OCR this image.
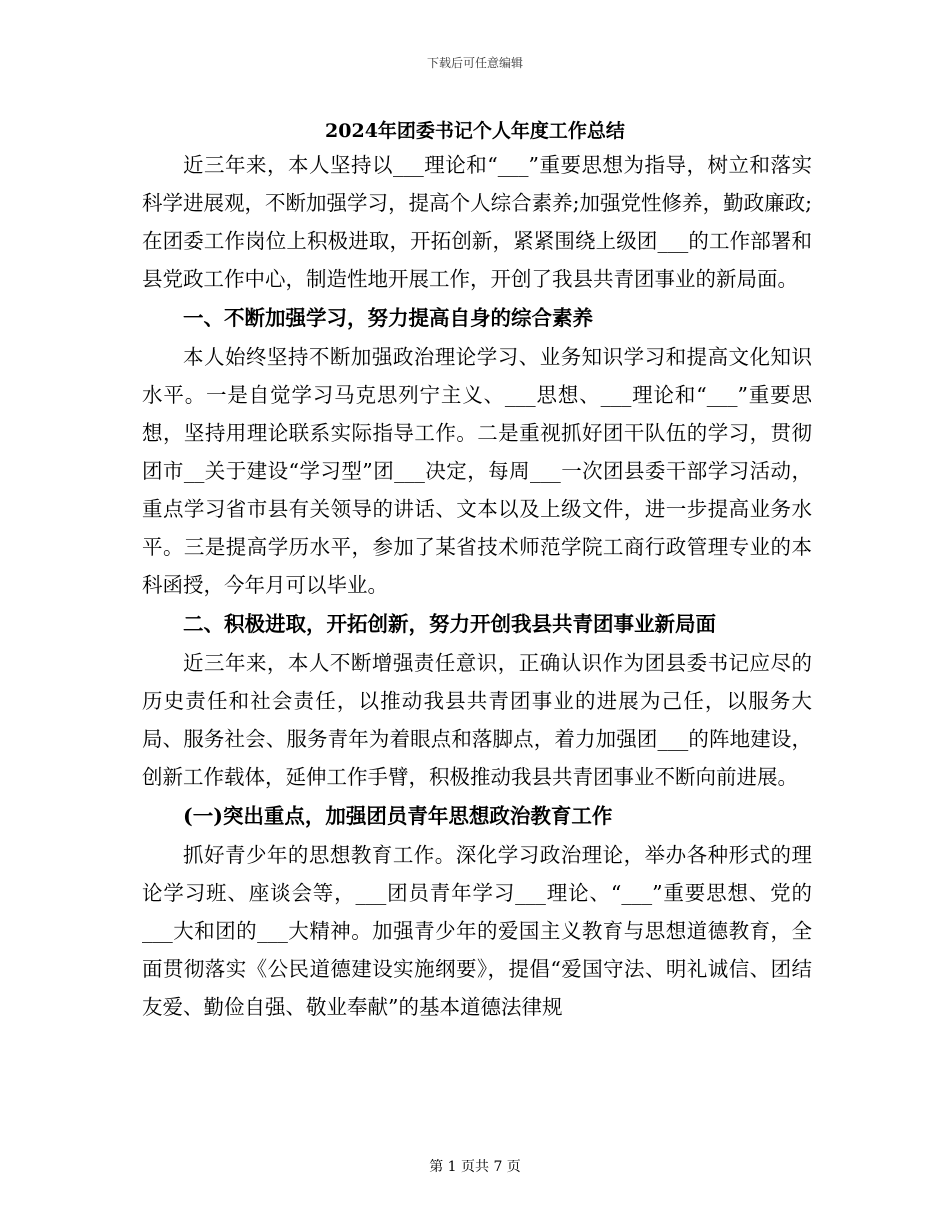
下载后可任意编辑
2024年团委书记个人年度工作总结

近三年来，本人坚持以___理论和“___”重要思想为指导，树立和落实科学进展观，不断加强学习，提高个人综合素养;加强党性修养，勤政廉政;在团委工作岗位上积极进取，开拓创新，紧紧围绕上级团___的工作部署和县党政工作中心，制造性地开展工作，开创了我县共青团事业的新局面。

一、不断加强学习，努力提高自身的综合素养

本人始终坚持不断加强政治理论学习、业务知识学习和提高文化知识水平。一是自觉学习马克思列宁主义、___思想、___理论和“___”重要思想，坚持用理论联系实际指导工作。二是重视抓好团干队伍的学习，贯彻团市__关于建设“学习型”团___决定，每周___一次团县委干部学习活动，重点学习省市县有关领导的讲话、文本以及上级文件，进一步提高业务水平。三是提高学历水平，参加了某省技术师范学院工商行政管理专业的本科函授，今年月可以毕业。

二、积极进取，开拓创新，努力开创我县共青团事业新局面

近三年来，本人不断增强责任意识，正确认识作为团县委书记应尽的历史责任和社会责任，以推动我县共青团事业的进展为己任，以服务大局、服务社会、服务青年为着眼点和落脚点，着力加强团___的阵地建设，创新工作载体，延伸工作手臂，积极推动我县共青团事业不断向前进展。

(一)突出重点，加强团员青年思想政治教育工作

抓好青少年的思想教育工作。深化学习政治理论，举办各种形式的理论学习班、座谈会等，___团员青年学习___理论、“___”重要思想、党的___大和团的___大精神。加强青少年的爱国主义教育与思想道德教育，全面贯彻落实《公民道德建设实施纲要》，提倡“爱国守法、明礼诚信、团结友爱、勤俭自强、敬业奉献”的基本道德法律规

第 1 页共 7 页
